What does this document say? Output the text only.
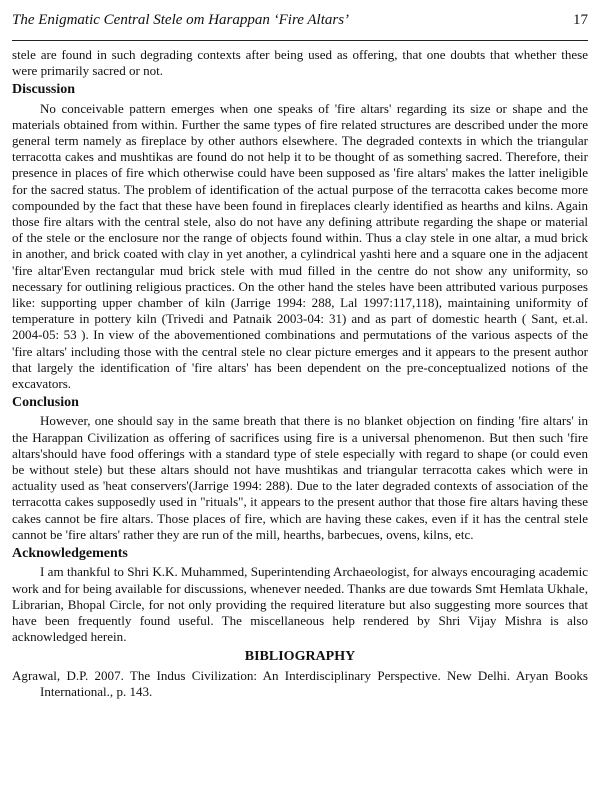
The Enigmatic Central Stele om Harappan ‘Fire Altars’	17

stele are found in such degrading contexts after being used as offering, that one doubts that whether these were primarily sacred or not.

Discussion

No conceivable pattern emerges when one speaks of 'fire altars' regarding its size or shape and the materials obtained from within. Further the same types of fire related structures are described under the more general term namely as fireplace by other authors elsewhere. The degraded contexts in which the triangular terracotta cakes and mushtikas are found do not help it to be thought of as something sacred. Therefore, their presence in places of fire which otherwise could have been supposed as 'fire altars' makes the latter ineligible for the sacred status. The problem of identification of the actual purpose of the terracotta cakes become more compounded by the fact that these have been found in fireplaces clearly identified as hearths and kilns. Again those fire altars with the central stele, also do not have any defining attribute regarding the shape or material of the stele or the enclosure nor the range of objects found within. Thus a clay stele in one altar, a mud brick in another, and brick coated with clay in yet another, a cylindrical yashti here and a square one in the adjacent 'fire altar'Even rectangular mud brick stele with mud filled in the centre do not show any uniformity, so necessary for outlining religious practices. On the other hand the steles have been attributed various purposes like: supporting upper chamber of kiln (Jarrige 1994: 288, Lal 1997:117,118), maintaining uniformity of temperature in pottery kiln (Trivedi and Patnaik 2003-04: 31) and as part of domestic hearth ( Sant, et.al. 2004-05: 53 ). In view of the abovementioned combinations and permutations of the various aspects of the 'fire altars' including those with the central stele no clear picture emerges and it appears to the present author that largely the identification of 'fire altars' has been dependent on the pre-conceptualized notions of the excavators.

Conclusion

However, one should say in the same breath that there is no blanket objection on finding 'fire altars' in the Harappan Civilization as offering of sacrifices using fire is a universal phenomenon. But then such 'fire altars'should have food offerings with a standard type of stele especially with regard to shape (or could even be without stele) but these altars should not have mushtikas and triangular terracotta cakes which were in actuality used as 'heat conservers'(Jarrige 1994: 288). Due to the later degraded contexts of association of the terracotta cakes supposedly used in "rituals", it appears to the present author that those fire altars having these cakes cannot be fire altars. Those places of fire, which are having these cakes, even if it has the central stele cannot be 'fire altars' rather they are run of the mill, hearths, barbecues, ovens, kilns, etc.

Acknowledgements

I am thankful to Shri K.K. Muhammed, Superintending Archaeologist, for always encouraging academic work and for being available for discussions, whenever needed. Thanks are due towards Smt Hemlata Ukhale, Librarian, Bhopal Circle, for not only providing the required literature but also suggesting more sources that have been frequently found useful. The miscellaneous help rendered by Shri Vijay Mishra is also acknowledged herein.

BIBLIOGRAPHY

Agrawal, D.P. 2007. The Indus Civilization: An Interdisciplinary Perspective. New Delhi. Aryan Books International., p. 143.
